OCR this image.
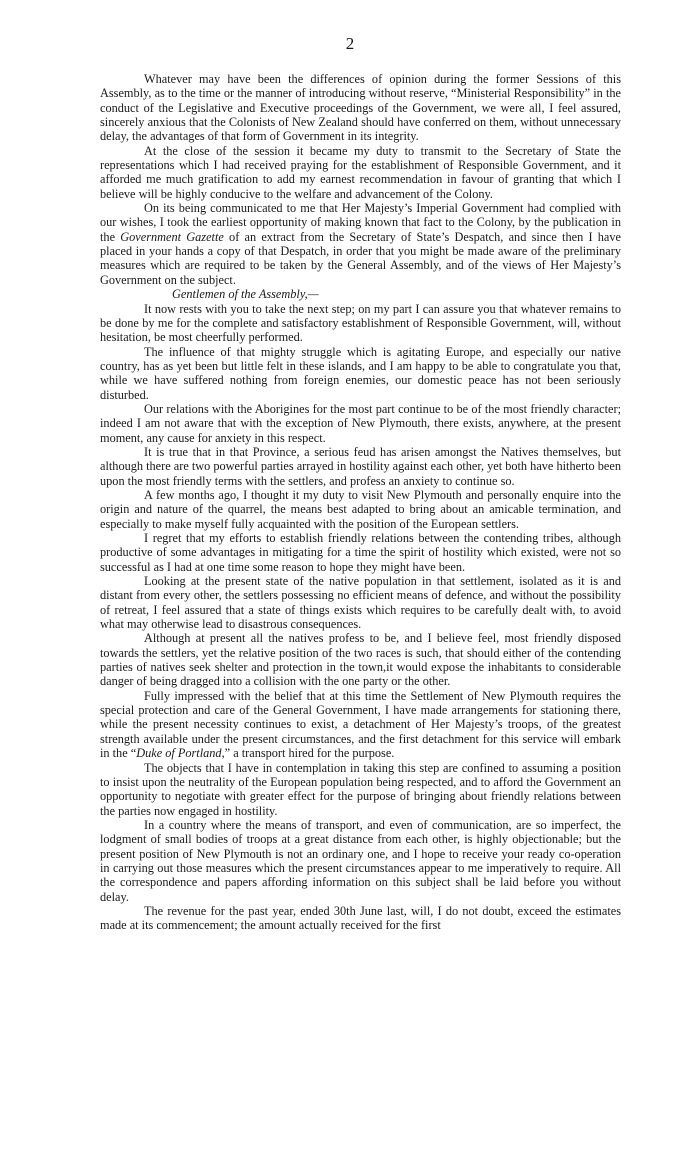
2

Whatever may have been the differences of opinion during the former Sessions of this Assembly, as to the time or the manner of introducing without reserve, “Ministerial Responsibility” in the conduct of the Legislative and Executive proceedings of the Government, we were all, I feel assured, sincerely anxious that the Colonists of New Zealand should have conferred on them, without unnecessary delay, the advantages of that form of Government in its integrity.

At the close of the session it became my duty to transmit to the Secretary of State the representations which I had received praying for the establishment of Responsible Government, and it afforded me much gratification to add my earnest recommendation in favour of granting that which I believe will be highly conducive to the welfare and advancement of the Colony.

On its being communicated to me that Her Majesty’s Imperial Government had complied with our wishes, I took the earliest opportunity of making known that fact to the Colony, by the publication in the Government Gazette of an extract from the Secretary of State’s Despatch, and since then I have placed in your hands a copy of that Despatch, in order that you might be made aware of the preliminary measures which are required to be taken by the General Assembly, and of the views of Her Majesty’s Government on the subject.

Gentlemen of the Assembly,—

It now rests with you to take the next step; on my part I can assure you that whatever remains to be done by me for the complete and satisfactory establishment of Responsible Government, will, without hesitation, be most cheerfully performed.

The influence of that mighty struggle which is agitating Europe, and especially our native country, has as yet been but little felt in these islands, and I am happy to be able to congratulate you that, while we have suffered nothing from foreign enemies, our domestic peace has not been seriously disturbed.

Our relations with the Aborigines for the most part continue to be of the most friendly character; indeed I am not aware that with the exception of New Plymouth, there exists, anywhere, at the present moment, any cause for anxiety in this respect.

It is true that in that Province, a serious feud has arisen amongst the Natives themselves, but although there are two powerful parties arrayed in hostility against each other, yet both have hitherto been upon the most friendly terms with the settlers, and profess an anxiety to continue so.

A few months ago, I thought it my duty to visit New Plymouth and personally enquire into the origin and nature of the quarrel, the means best adapted to bring about an amicable termination, and especially to make myself fully acquainted with the position of the European settlers.

I regret that my efforts to establish friendly relations between the contending tribes, although productive of some advantages in mitigating for a time the spirit of hostility which existed, were not so successful as I had at one time some reason to hope they might have been.

Looking at the present state of the native population in that settlement, isolated as it is and distant from every other, the settlers possessing no efficient means of defence, and without the possibility of retreat, I feel assured that a state of things exists which requires to be carefully dealt with, to avoid what may otherwise lead to disastrous consequences.

Although at present all the natives profess to be, and I believe feel, most friendly disposed towards the settlers, yet the relative position of the two races is such, that should either of the contending parties of natives seek shelter and protection in the town,it would expose the inhabitants to considerable danger of being dragged into a collision with the one party or the other.

Fully impressed with the belief that at this time the Settlement of New Plymouth requires the special protection and care of the General Government, I have made arrangements for stationing there, while the present necessity continues to exist, a detachment of Her Majesty’s troops, of the greatest strength available under the present circumstances, and the first detachment for this service will embark in the “Duke of Portland,” a transport hired for the purpose.

The objects that I have in contemplation in taking this step are confined to assuming a position to insist upon the neutrality of the European population being respected, and to afford the Government an opportunity to negotiate with greater effect for the purpose of bringing about friendly relations between the parties now engaged in hostility.

In a country where the means of transport, and even of communication, are so imperfect, the lodgment of small bodies of troops at a great distance from each other, is highly objectionable; but the present position of New Plymouth is not an ordinary one, and I hope to receive your ready co-operation in carrying out those measures which the present circumstances appear to me imperatively to require. All the correspondence and papers affording information on this subject shall be laid before you without delay.

The revenue for the past year, ended 30th June last, will, I do not doubt, exceed the estimates made at its commencement; the amount actually received for the first
